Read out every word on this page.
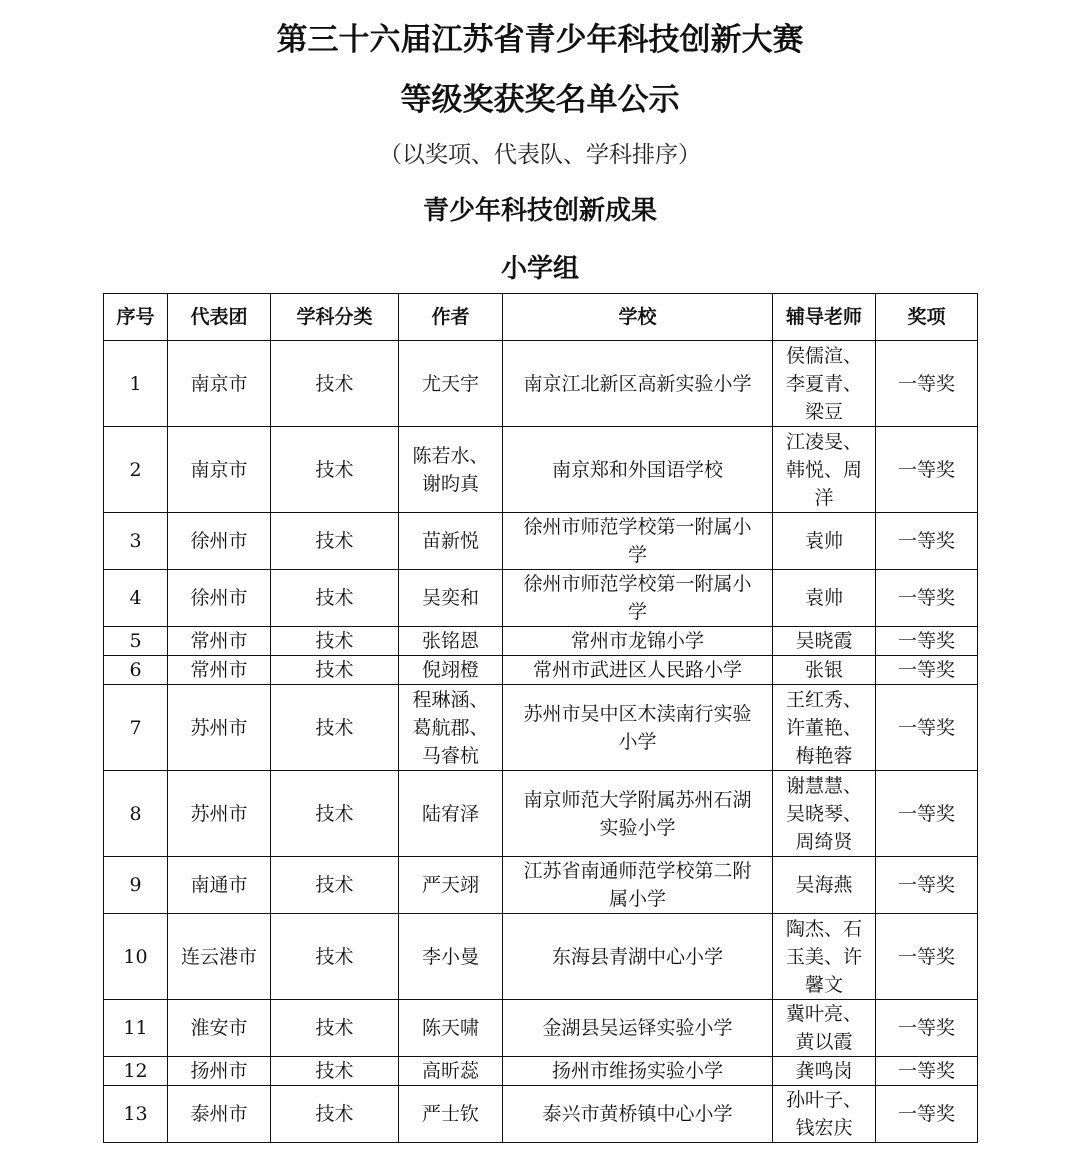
第三十六届江苏省青少年科技创新大赛
等级奖获奖名单公示
（以奖项、代表队、学科排序）
青少年科技创新成果
小学组
序号	代表团	学科分类	作者	学校	辅导老师	奖项
1	南京市	技术	尤天宇	南京江北新区高新实验小学	侯儒渲、
李夏青、
梁豆	一等奖
2	南京市	技术	陈若水、
谢昀真	南京郑和外国语学校	江凌旻、
韩悦、周
洋	一等奖
3	徐州市	技术	苗新悦	徐州市师范学校第一附属小
学	袁帅	一等奖
4	徐州市	技术	吴奕和	徐州市师范学校第一附属小
学	袁帅	一等奖
5	常州市	技术	张铭恩	常州市龙锦小学	吴晓霞	一等奖
6	常州市	技术	倪翊橙	常州市武进区人民路小学	张银	一等奖
7	苏州市	技术	程琳涵、
葛航郡、
马睿杭	苏州市吴中区木渎南行实验
小学	王红秀、
许董艳、
梅艳蓉	一等奖
8	苏州市	技术	陆宥泽	南京师范大学附属苏州石湖
实验小学	谢慧慧、
吴晓琴、
周绮贤	一等奖
9	南通市	技术	严天翊	江苏省南通师范学校第二附
属小学	吴海燕	一等奖
10	连云港市	技术	李小曼	东海县青湖中心小学	陶杰、石
玉美、许
馨文	一等奖
11	淮安市	技术	陈天啸	金湖县吴运铎实验小学	冀叶亮、
黄以霞	一等奖
12	扬州市	技术	高昕蕊	扬州市维扬实验小学	龚鸣岗	一等奖
13	泰州市	技术	严士钦	泰兴市黄桥镇中心小学	孙叶子、
钱宏庆	一等奖
